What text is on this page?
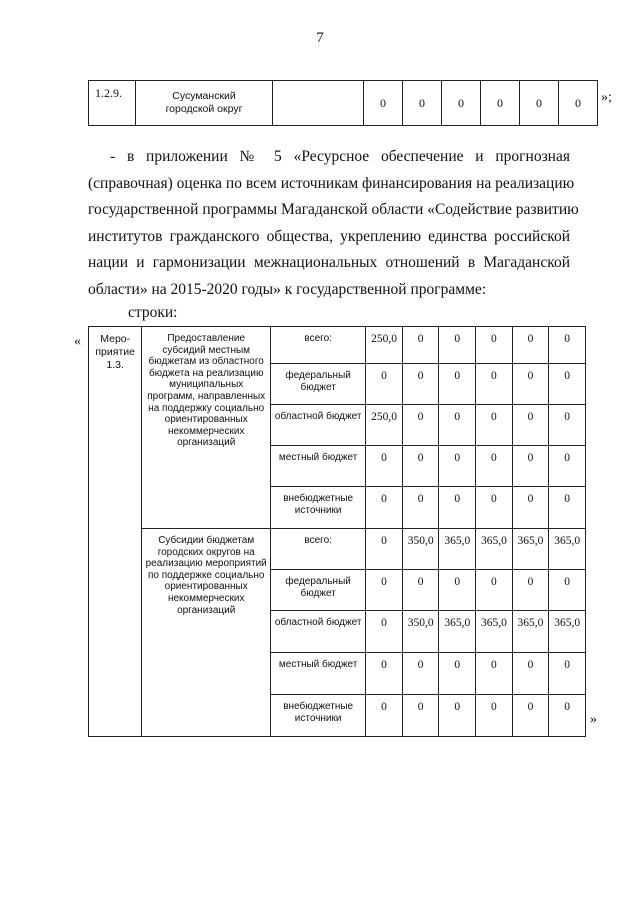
7
1.2.9.	Сусуманский
городской округ		0	0	0	0	0	0 »;
- в приложении № 5 «Ресурсное обеспечение и прогнозная
(справочная) оценка по всем источникам финансирования на реализацию
государственной программы Магаданской области «Содействие развитию
институтов гражданского общества, укреплению единства российской
нации и гармонизации межнациональных отношений в Магаданской
области» на 2015-2020 годы» к государственной программе:
строки:
« Меро-
приятие
1.3.	Предоставление субсидий местным бюджетам из областного бюджета на реализацию муниципальных программ, направленных на поддержку социально ориентированных некоммерческих организаций	всего:	250,0	0	0	0	0	0
		федеральный бюджет	0	0	0	0	0	0
		областной бюджет	250,0	0	0	0	0	0
		местный бюджет	0	0	0	0	0	0
		внебюджетные источники	0	0	0	0	0	0
	Субсидии бюджетам городских округов на реализацию мероприятий по поддержке социально ориентированных некоммерческих организаций	всего:	0	350,0	365,0	365,0	365,0	365,0
		федеральный бюджет	0	0	0	0	0	0
		областной бюджет	0	350,0	365,0	365,0	365,0	365,0
		местный бюджет	0	0	0	0	0	0
		внебюджетные источники	0	0	0	0	0	0
»
